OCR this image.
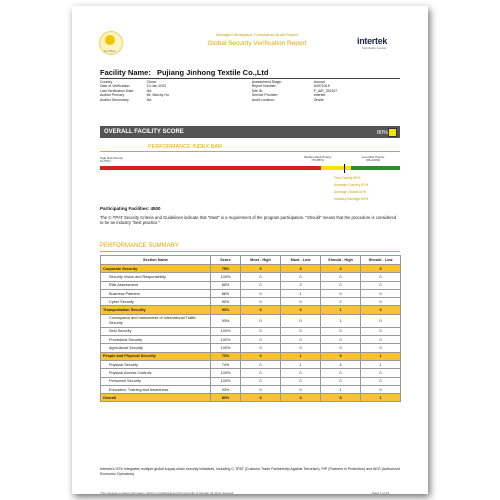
GLOBAL
Managed Workplace Compliance Audit Report
Global Security Verification Report	intertek
Total Quality. Assured.
Facility Name: Pujiang Jinhong Textile Co.,Ltd
Country	China	Assessment Stage:	Annual
Date of Verification:	10-Jan-2022	Report Number:	A4970315
Last Verification Date:	NA	Site ID:	F_IAR_332167
Auditor Primary	Mr. Murray Hu	Service Provider:	Intertek
Auditor Secondary	NA	Audit Location:	Onsite
OVERALL FACILITY SCORE	80%
PERFORMANCE INDEX BAR
High Risk Priority
(0-75%)
Medium Risk Priority
(76-85%)
Low Risk Priority
(86-100%)
This Facility 80%
Average Country 81%
Average Global 81%
Industry Average 83%
Participating Facilities: 4500
The C-TPAT Security Criteria and Guidelines indicate that "Must" is a requirement of the program participation. "Should" means that the procedure is considered to be an industry "best practice."
PERFORMANCE SUMMARY
Section Name	Score	Must - High	Must - Low	Should - High	Should - Low
Corporate Security	75%	0	3	2	0
Security Vision and Responsibility	100%	0	0	0	0
Risk Assessment	85%	0	2	0	0
Business Partners	88%	0	1	0	0
Cyber Security	90%	0	0	2	0
Transportation Security	93%	0	0	1	0
Conveyance and Instruments of International Traffic Security	93%	0	0	1	0
Seal Security	100%	0	0	0	0
Procedural Security	100%	0	0	0	0
Agricultural Security	100%	0	0	0	0
People and Physical Security	73%	0	1	5	1
Physical Security	74%	0	1	4	1
Physical Access Controls	100%	0	0	0	0
Personnel Security	100%	0	0	0	0
Education, Training and Awareness	93%	0	0	1	0
Overall	80%	0	4	8	1
Intertek's GSV integrates multiple global supply-chain security initiatives, including C-TPAT (Customs Trade Partnership Against Terrorism), PIP (Partners in Protection) and AEO (Authorized Economic Operators).
This message contains information, which is confidential and the copyright of Intertek. All rights reserved.	Page 1 of 24
